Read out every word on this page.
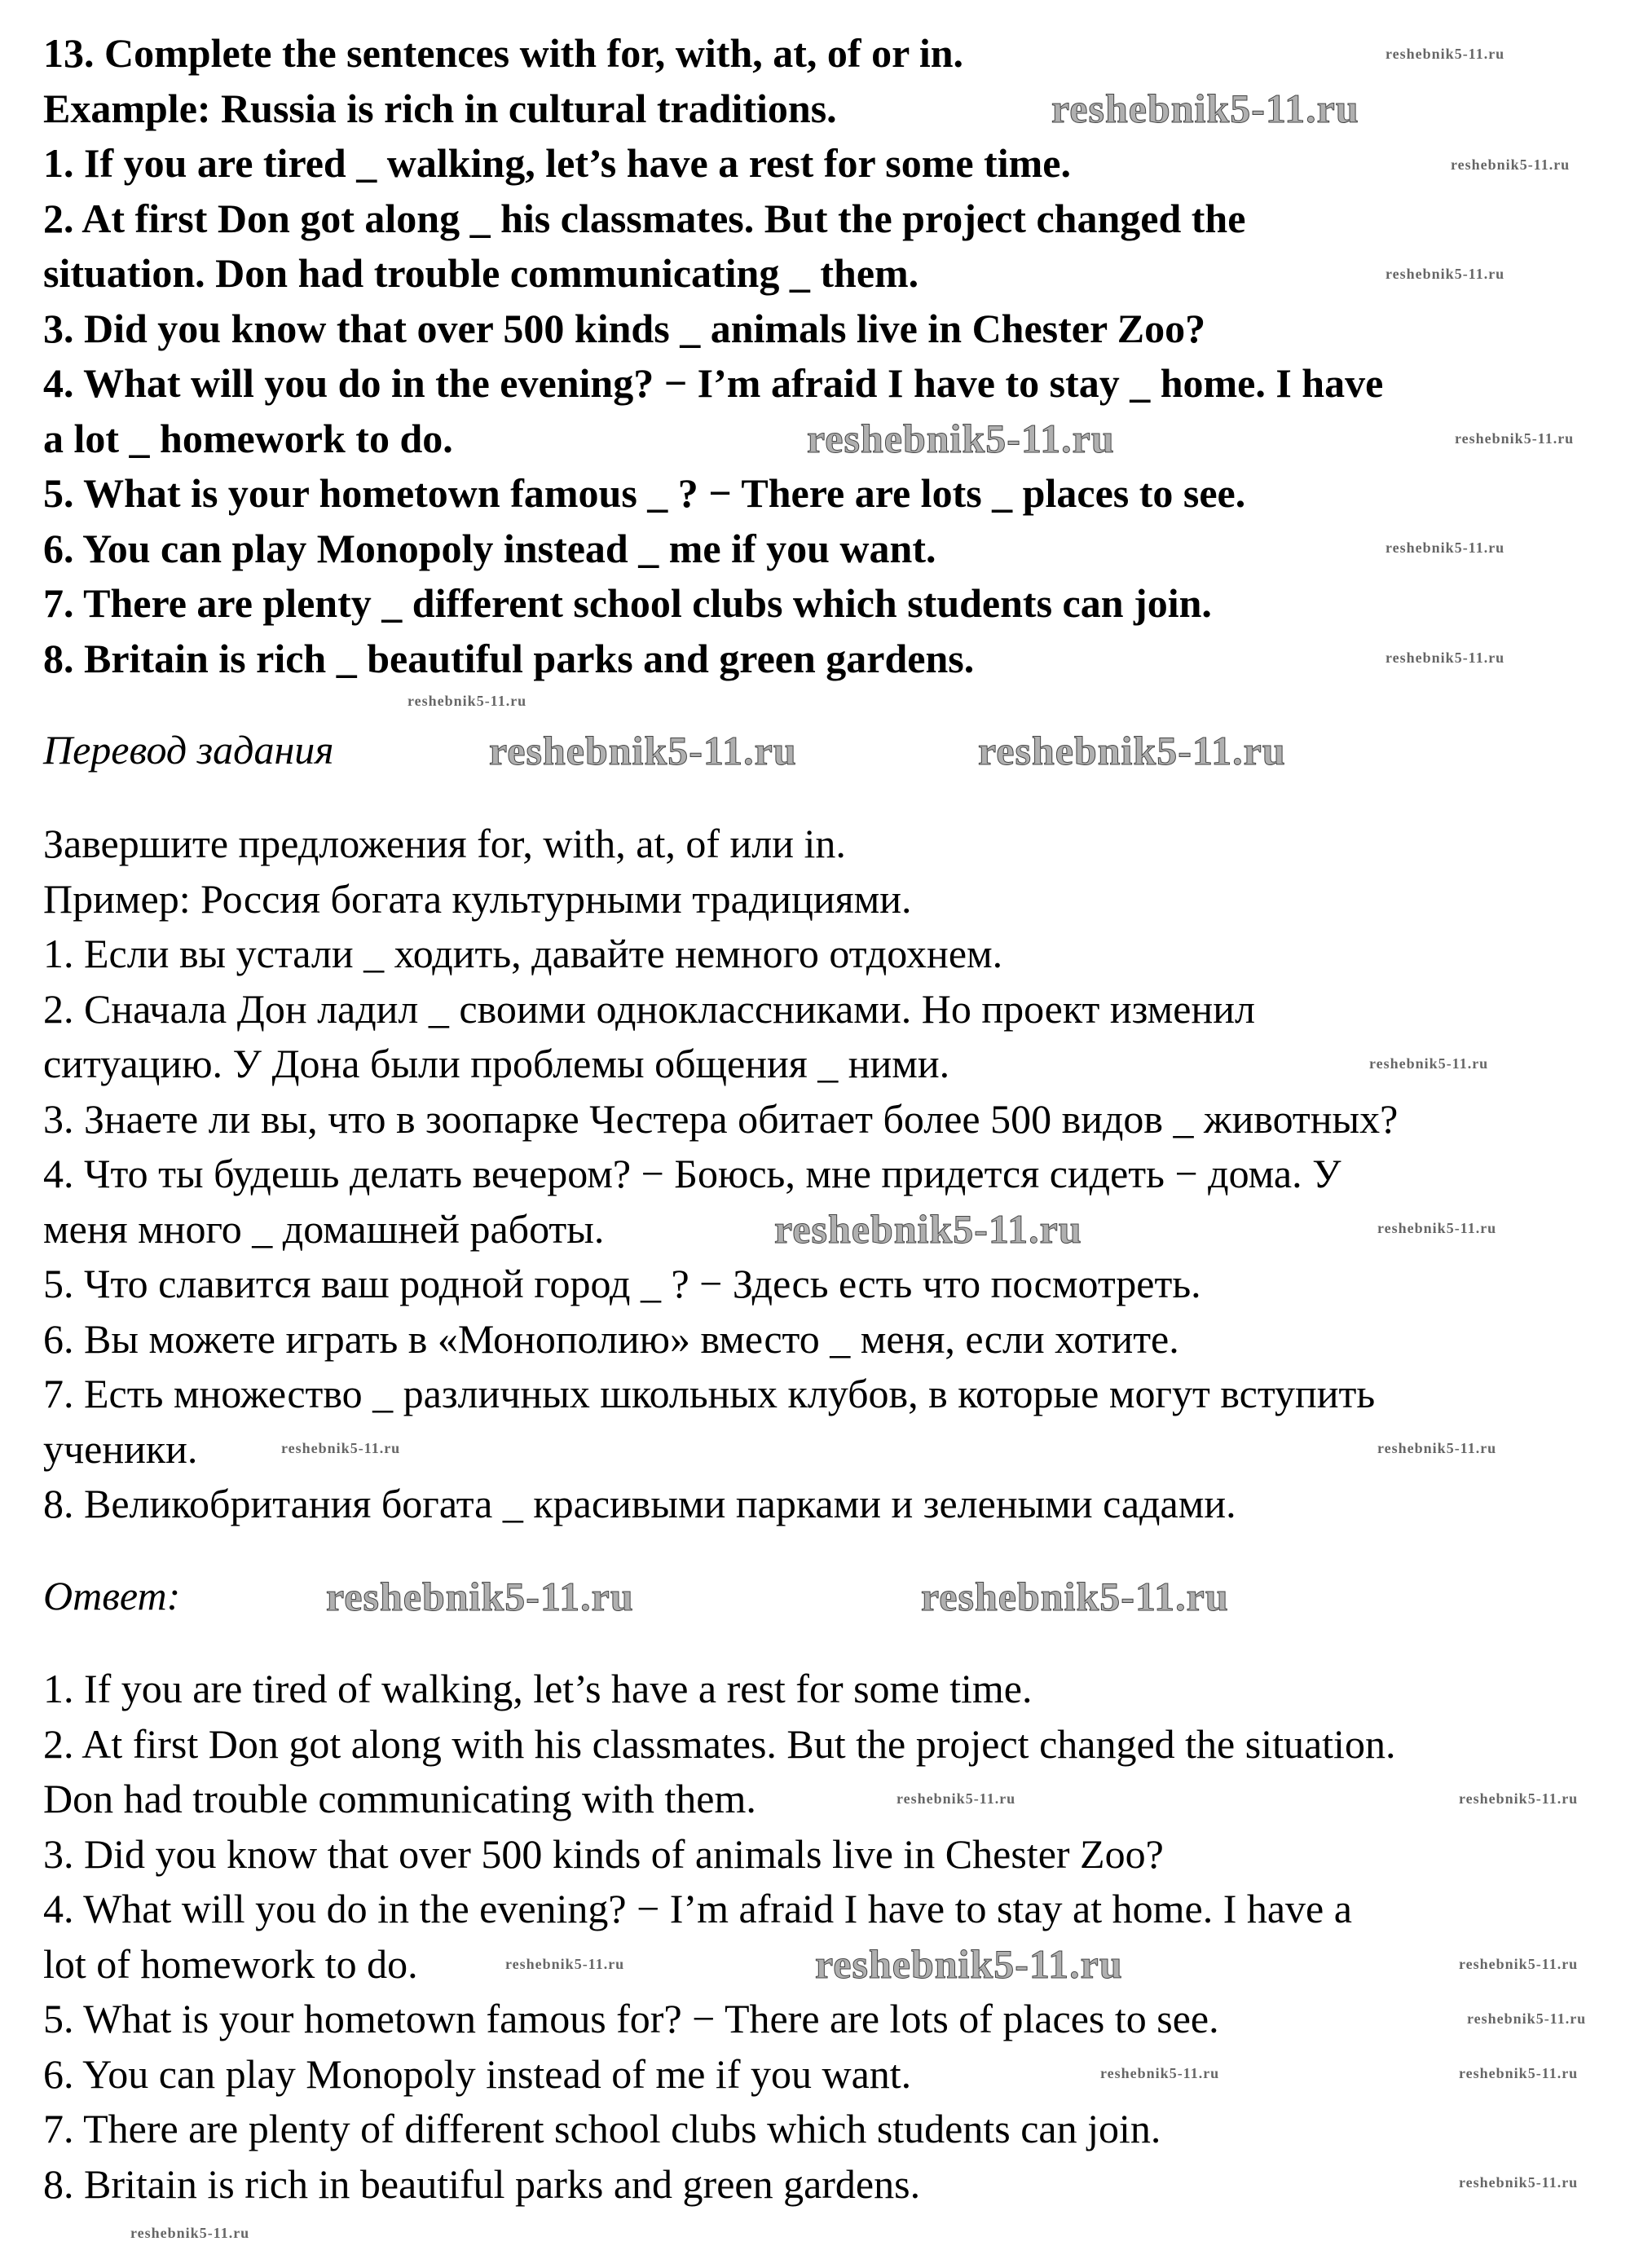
13. Complete the sentences with for, with, at, of or in.
Example: Russia is rich in cultural traditions.
1. If you are tired _ walking, let’s have a rest for some time.
2. At first Don got along _ his classmates. But the project changed the
situation. Don had trouble communicating _ them.
3. Did you know that over 500 kinds _ animals live in Chester Zoo?
4. What will you do in the evening? − I’m afraid I have to stay _ home. I have
a lot _ homework to do.
5. What is your hometown famous _ ? − There are lots _ places to see.
6. You can play Monopoly instead _ me if you want.
7. There are plenty _ different school clubs which students can join.
8. Britain is rich _ beautiful parks and green gardens.
Перевод задания
Завершите предложения for, with, at, of или in.
Пример: Россия богата культурными традициями.
1. Если вы устали _ ходить, давайте немного отдохнем.
2. Сначала Дон ладил _ своими одноклассниками. Но проект изменил
ситуацию. У Дона были проблемы общения _ ними.
3. Знаете ли вы, что в зоопарке Честера обитает более 500 видов _ животных?
4. Что ты будешь делать вечером? − Боюсь, мне придется сидеть − дома. У
меня много _ домашней работы.
5. Что славится ваш родной город _ ? − Здесь есть что посмотреть.
6. Вы можете играть в «Монополию» вместо _ меня, если хотите.
7. Есть множество _ различных школьных клубов, в которые могут вступить
ученики.
8. Великобритания богата _ красивыми парками и зелеными садами.
Ответ:
1. If you are tired of walking, let’s have a rest for some time.
2. At first Don got along with his classmates. But the project changed the situation.
Don had trouble communicating with them.
3. Did you know that over 500 kinds of animals live in Chester Zoo?
4. What will you do in the evening? − I’m afraid I have to stay at home. I have a
lot of homework to do.
5. What is your hometown famous for? − There are lots of places to see.
6. You can play Monopoly instead of me if you want.
7. There are plenty of different school clubs which students can join.
8. Britain is rich in beautiful parks and green gardens.
reshebnik5-11.ru
reshebnik5-11.ru
reshebnik5-11.ru	reshebnik5-11.ru
reshebnik5-11.ru
reshebnik5-11.ru	reshebnik5-11.ru
reshebnik5-11.ru
reshebnik5-11.ru
reshebnik5-11.ru
reshebnik5-11.ru
reshebnik5-11.ru
reshebnik5-11.ru
reshebnik5-11.ru
reshebnik5-11.ru
reshebnik5-11.ru
reshebnik5-11.ru
reshebnik5-11.ru	reshebnik5-11.ru
reshebnik5-11.ru	reshebnik5-11.ru
reshebnik5-11.ru	reshebnik5-11.ru
reshebnik5-11.ru
reshebnik5-11.ru	reshebnik5-11.ru
reshebnik5-11.ru
reshebnik5-11.ru
